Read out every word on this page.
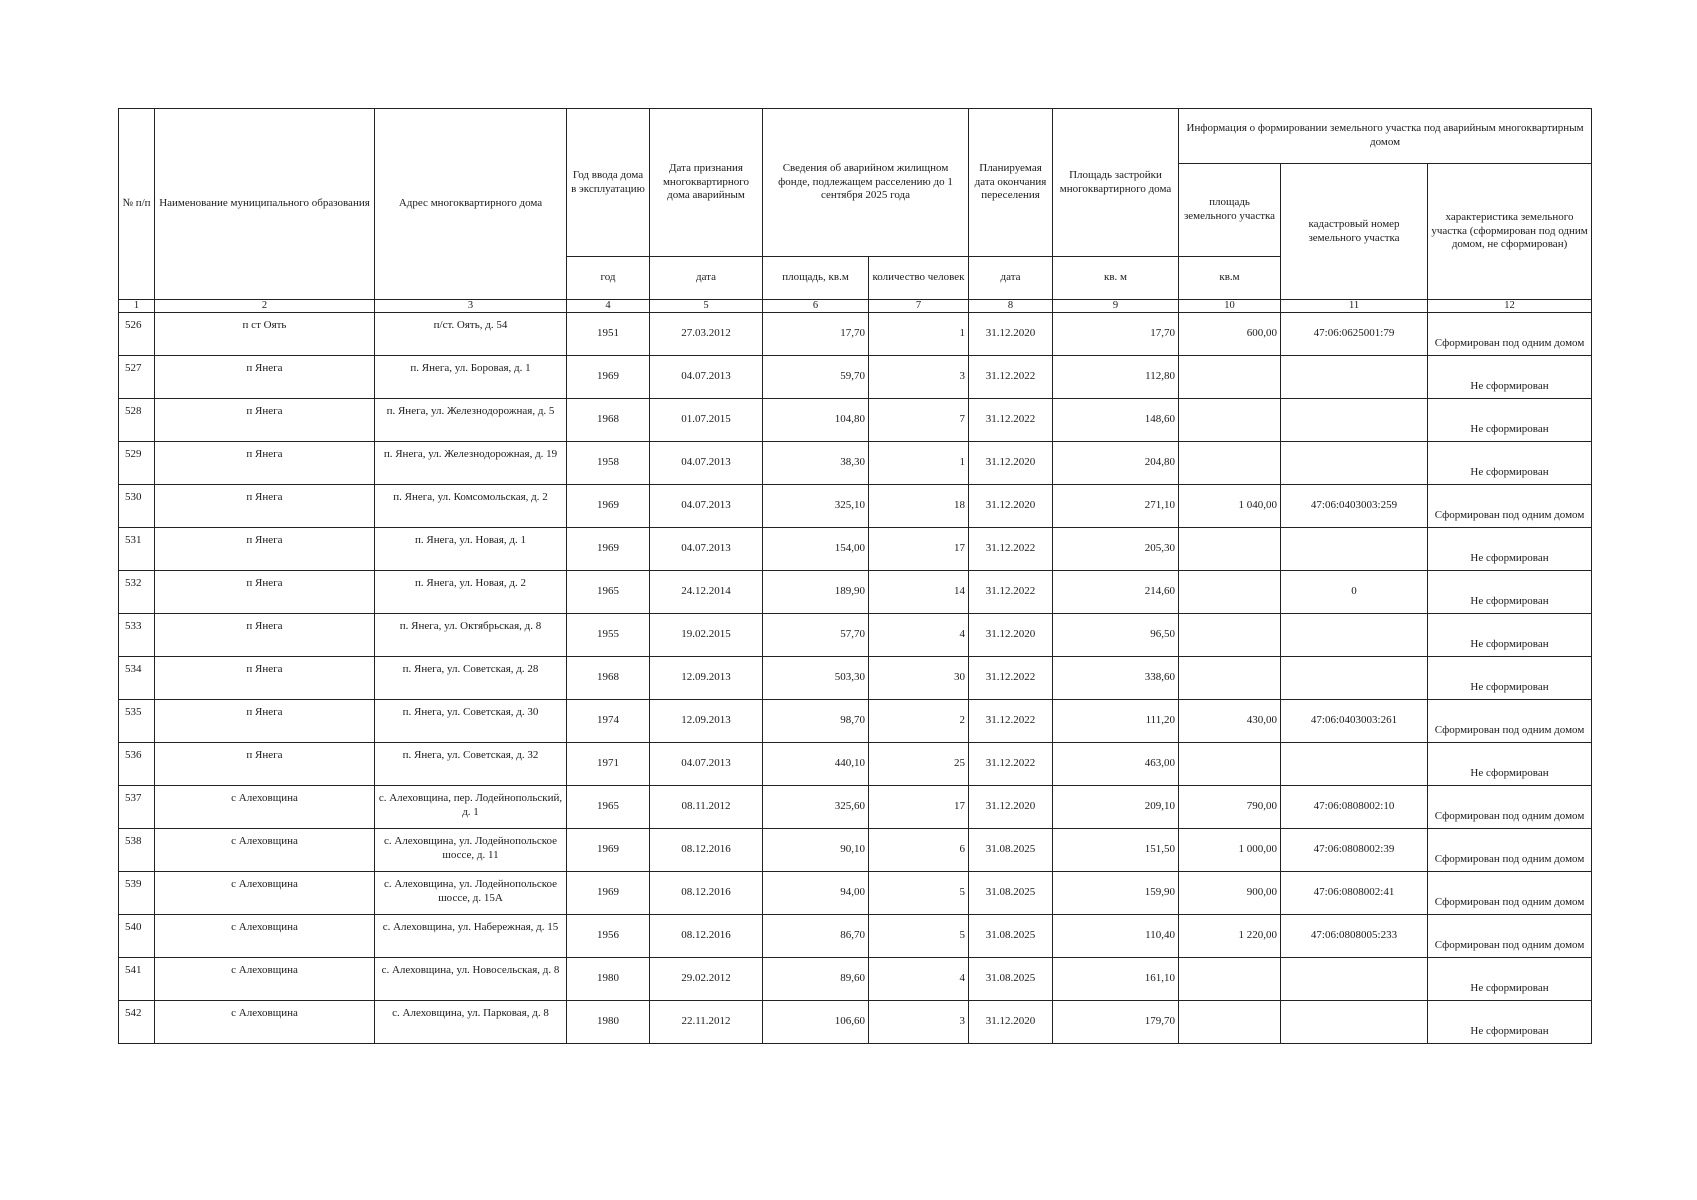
№ п/п	Наименование муниципального образования	Адрес многоквартирного дома	Год ввода дома в эксплуатацию	Дата признания многоквартирного дома аварийным	Сведения об аварийном жилищном фонде, подлежащем расселению до 1 сентября 2025 года		Планируемая дата окончания переселения	Площадь застройки многоквартирного дома	Информация о формировании земельного участка под аварийным многоквартирным домом		
									площадь земельного участка	кадастровый номер земельного участка	характеристика земельного участка (сформирован под одним домом, не сформирован)
			год	дата	площадь, кв.м	количество человек	дата	кв. м	кв.м		
1	2	3	4	5	6	7	8	9	10	11	12
526	п ст Оять	п/ст. Оять, д. 54	1951	27.03.2012	17,70	1	31.12.2020	17,70	600,00	47:06:0625001:79	Сформирован под одним домом
527	п Янега	п. Янега, ул. Боровая, д. 1	1969	04.07.2013	59,70	3	31.12.2022	112,80			Не сформирован
528	п Янега	п. Янега, ул. Железнодорожная, д. 5	1968	01.07.2015	104,80	7	31.12.2022	148,60			Не сформирован
529	п Янега	п. Янега, ул. Железнодорожная, д. 19	1958	04.07.2013	38,30	1	31.12.2020	204,80			Не сформирован
530	п Янега	п. Янега, ул. Комсомольская, д. 2	1969	04.07.2013	325,10	18	31.12.2020	271,10	1 040,00	47:06:0403003:259	Сформирован под одним домом
531	п Янега	п. Янега, ул. Новая, д. 1	1969	04.07.2013	154,00	17	31.12.2022	205,30			Не сформирован
532	п Янега	п. Янега, ул. Новая, д. 2	1965	24.12.2014	189,90	14	31.12.2022	214,60		0	Не сформирован
533	п Янега	п. Янега, ул. Октябрьская, д. 8	1955	19.02.2015	57,70	4	31.12.2020	96,50			Не сформирован
534	п Янега	п. Янега, ул. Советская, д. 28	1968	12.09.2013	503,30	30	31.12.2022	338,60			Не сформирован
535	п Янега	п. Янега, ул. Советская, д. 30	1974	12.09.2013	98,70	2	31.12.2022	111,20	430,00	47:06:0403003:261	Сформирован под одним домом
536	п Янега	п. Янега, ул. Советская, д. 32	1971	04.07.2013	440,10	25	31.12.2022	463,00			Не сформирован
537	с Алеховщина	с. Алеховщина, пер. Лодейнопольский, д. 1	1965	08.11.2012	325,60	17	31.12.2020	209,10	790,00	47:06:0808002:10	Сформирован под одним домом
538	с Алеховщина	с. Алеховщина, ул. Лодейнопольское шоссе, д. 11	1969	08.12.2016	90,10	6	31.08.2025	151,50	1 000,00	47:06:0808002:39	Сформирован под одним домом
539	с Алеховщина	с. Алеховщина, ул. Лодейнопольское шоссе, д. 15А	1969	08.12.2016	94,00	5	31.08.2025	159,90	900,00	47:06:0808002:41	Сформирован под одним домом
540	с Алеховщина	с. Алеховщина, ул. Набережная, д. 15	1956	08.12.2016	86,70	5	31.08.2025	110,40	1 220,00	47:06:0808005:233	Сформирован под одним домом
541	с Алеховщина	с. Алеховщина, ул. Новосельская, д. 8	1980	29.02.2012	89,60	4	31.08.2025	161,10			Не сформирован
542	с Алеховщина	с. Алеховщина, ул. Парковая, д. 8	1980	22.11.2012	106,60	3	31.12.2020	179,70			Не сформирован
